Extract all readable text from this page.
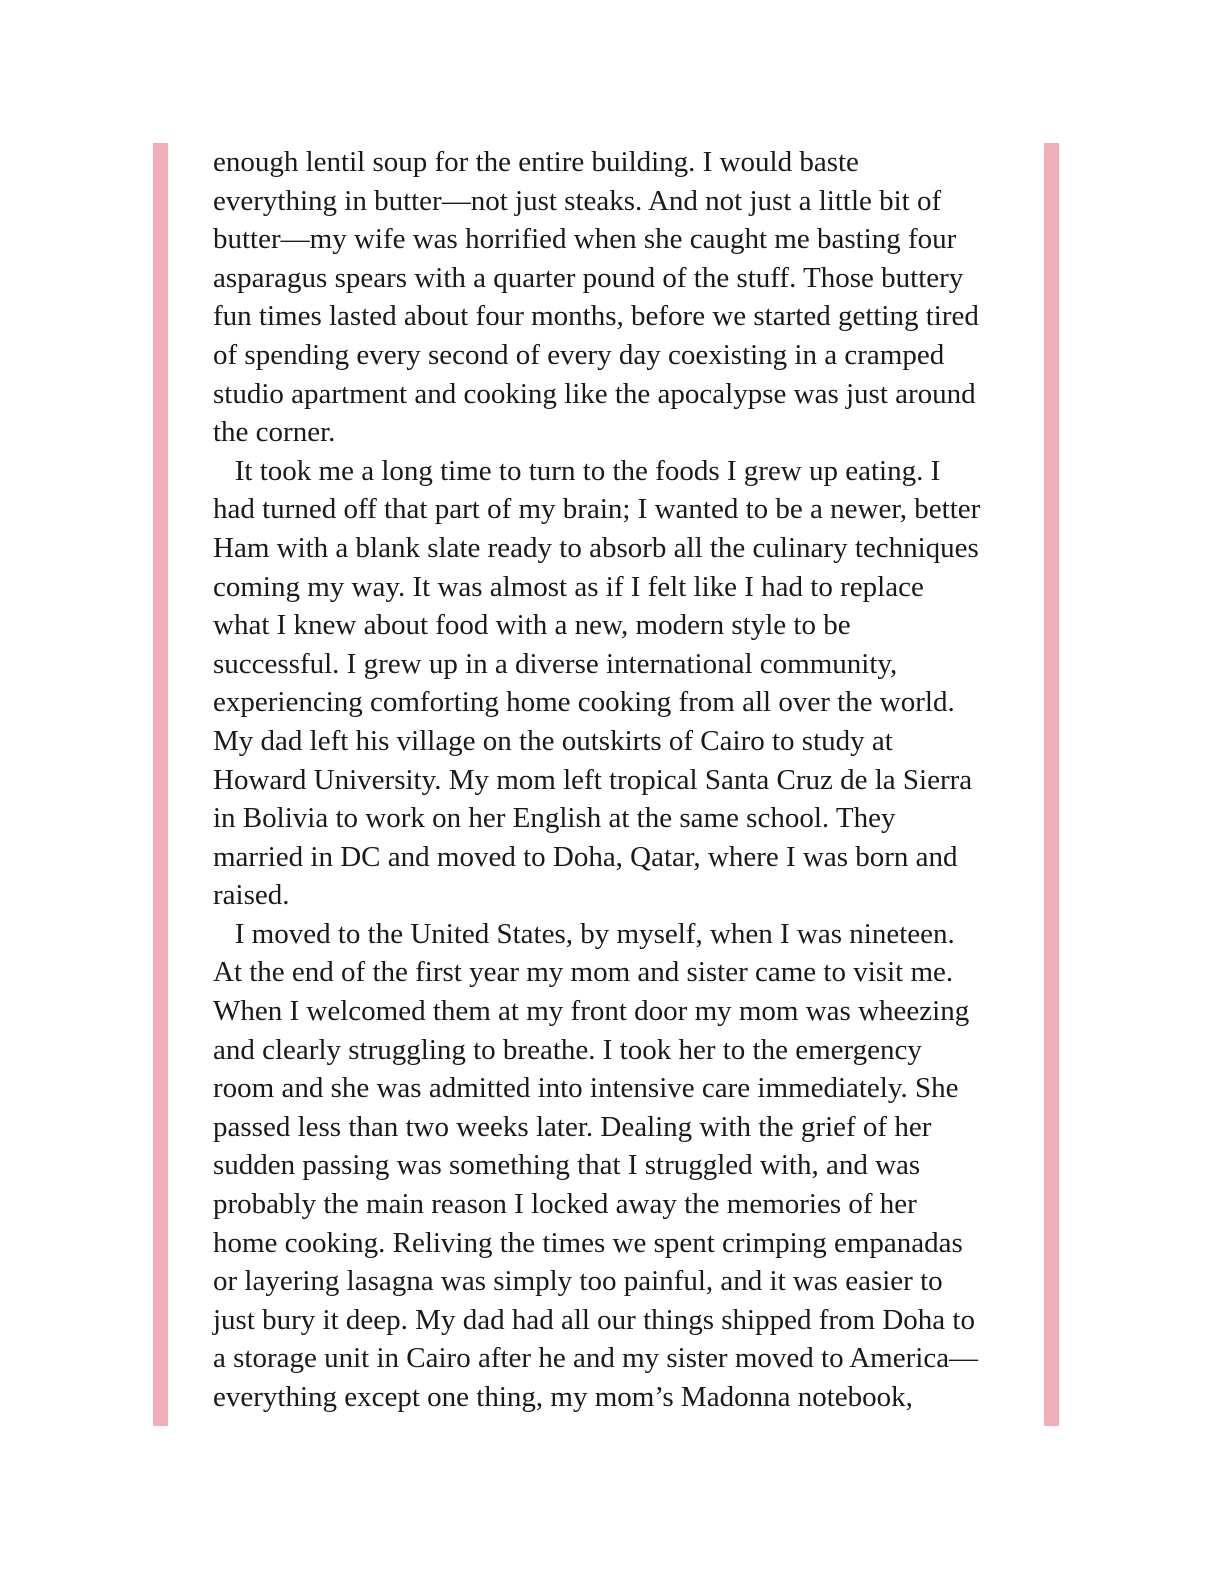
enough lentil soup for the entire building. I would baste
everything in butter—not just steaks. And not just a little bit of
butter—my wife was horrified when she caught me basting four
asparagus spears with a quarter pound of the stuff. Those buttery
fun times lasted about four months, before we started getting tired
of spending every second of every day coexisting in a cramped
studio apartment and cooking like the apocalypse was just around
the corner.
It took me a long time to turn to the foods I grew up eating. I
had turned off that part of my brain; I wanted to be a newer, better
Ham with a blank slate ready to absorb all the culinary techniques
coming my way. It was almost as if I felt like I had to replace
what I knew about food with a new, modern style to be
successful. I grew up in a diverse international community,
experiencing comforting home cooking from all over the world.
My dad left his village on the outskirts of Cairo to study at
Howard University. My mom left tropical Santa Cruz de la Sierra
in Bolivia to work on her English at the same school. They
married in DC and moved to Doha, Qatar, where I was born and
raised.
I moved to the United States, by myself, when I was nineteen.
At the end of the first year my mom and sister came to visit me.
When I welcomed them at my front door my mom was wheezing
and clearly struggling to breathe. I took her to the emergency
room and she was admitted into intensive care immediately. She
passed less than two weeks later. Dealing with the grief of her
sudden passing was something that I struggled with, and was
probably the main reason I locked away the memories of her
home cooking. Reliving the times we spent crimping empanadas
or layering lasagna was simply too painful, and it was easier to
just bury it deep. My dad had all our things shipped from Doha to
a storage unit in Cairo after he and my sister moved to America—
everything except one thing, my mom’s Madonna notebook,
